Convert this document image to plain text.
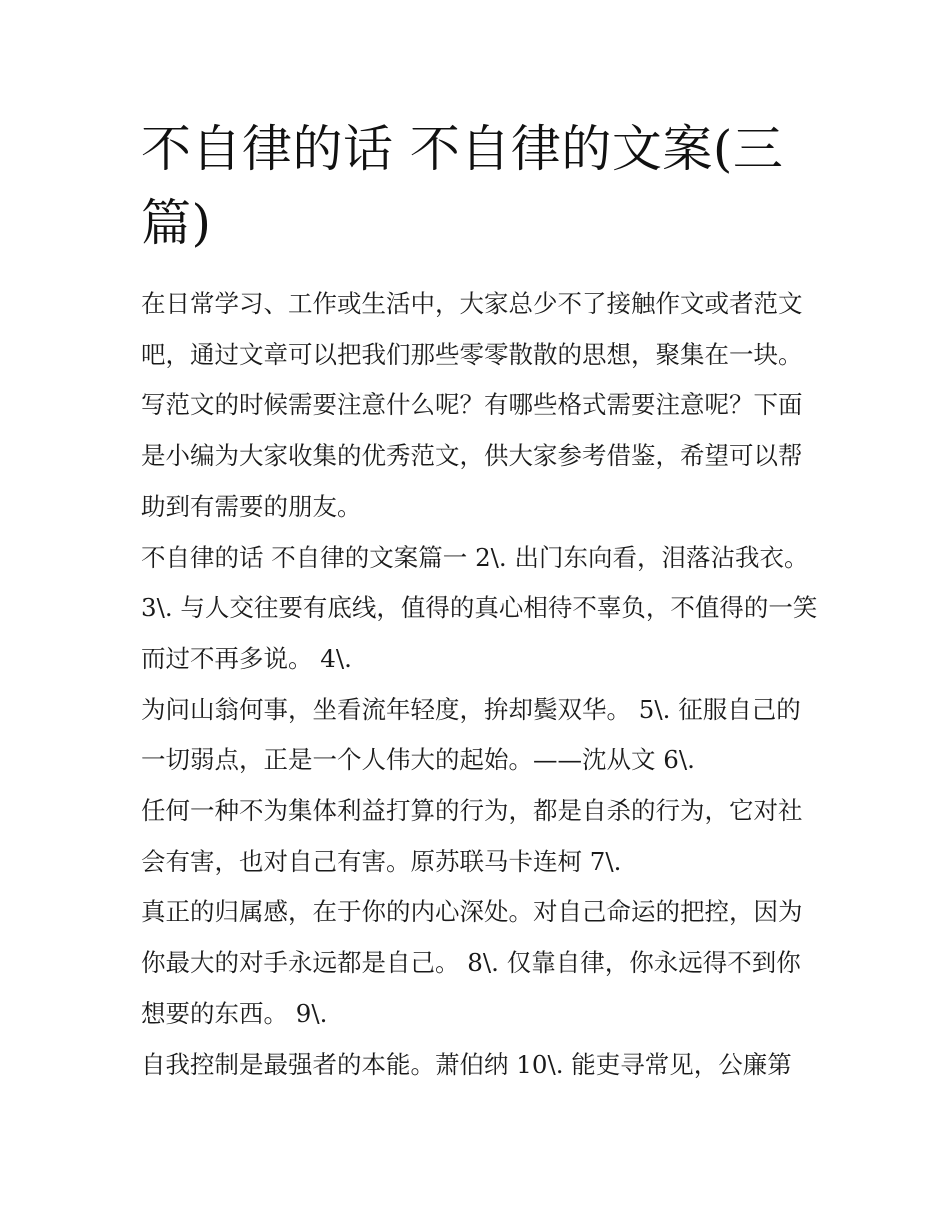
不自律的话 不自律的文案(三篇)

在日常学习、工作或生活中，大家总少不了接触作文或者范文吧，通过文章可以把我们那些零零散散的思想，聚集在一块。写范文的时候需要注意什么呢？有哪些格式需要注意呢？下面是小编为大家收集的优秀范文，供大家参考借鉴，希望可以帮助到有需要的朋友。

不自律的话 不自律的文案篇一 2\. 出门东向看，泪落沾我衣。 3\. 与人交往要有底线，值得的真心相待不辜负，不值得的一笑而过不再多说。 4\.

为问山翁何事，坐看流年轻度，拚却鬓双华。 5\. 征服自己的一切弱点，正是一个人伟大的起始。——沈从文 6\.

任何一种不为集体利益打算的行为，都是自杀的行为，它对社会有害，也对自己有害。原苏联马卡连柯 7\.

真正的归属感，在于你的内心深处。对自己命运的把控，因为你最大的对手永远都是自己。 8\. 仅靠自律，你永远得不到你想要的东西。 9\.

自我控制是最强者的本能。萧伯纳 10\. 能吏寻常见，公廉第
